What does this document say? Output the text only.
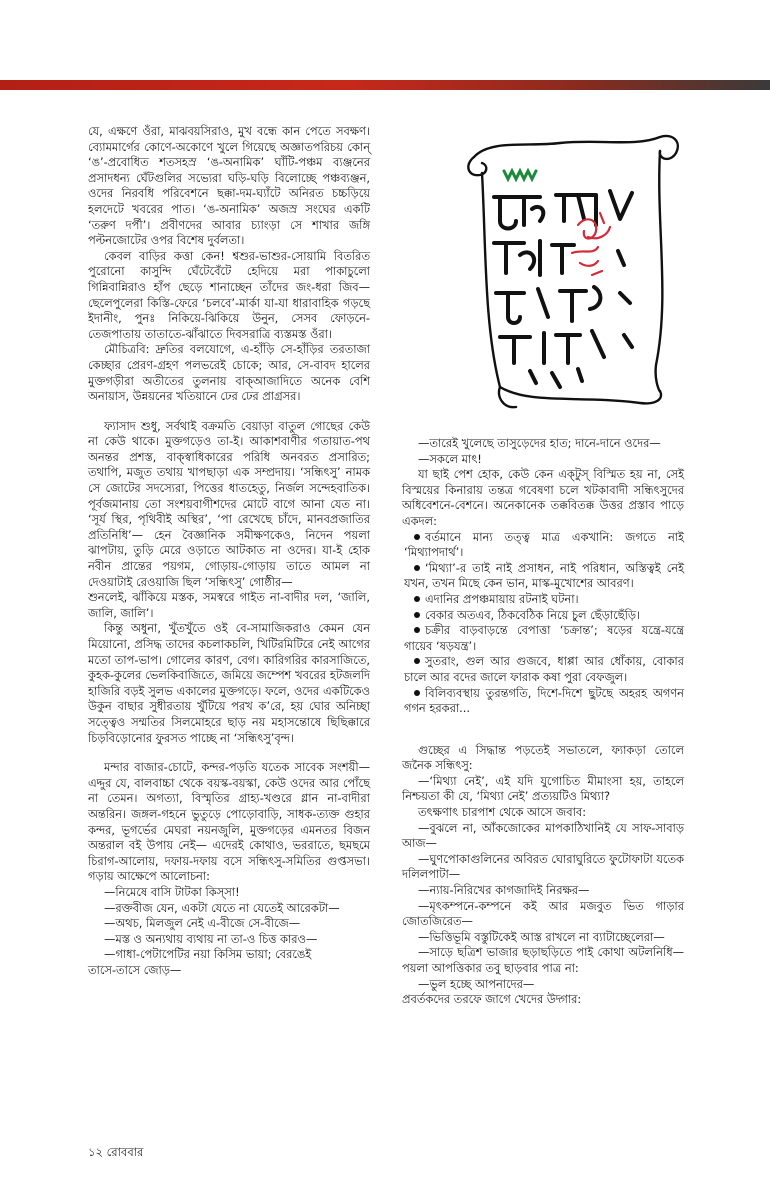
যে, এক্ষণে ওঁরা, মাঝবয়সিরাও, মুখ বন্ধে কান পেতে সবক্ষণ। ব্যোমমার্গের কোণে-অকোণে খুলে গিয়েছে অজ্ঞাতপরিচয় কোন্ ‘ঙ’-প্রবোধিত শতসহস্র ‘ঙ-অনামিক’ ঘাঁটি-পঞ্চম ব্যঞ্জনের প্রসাদধন্য ঘেঁটগুলির সভ্যেরা ঘড়ি-ঘড়ি বিলোচ্ছে পঞ্চব্যঞ্জন, ওদের নিরবধি পরিবেশনে ছক্কা-দম-ঘ্যাঁটে অনিরত চচ্চড়িয়ে হলদেটে খবরের পাত। ‘ঙ-অনামিক’ অজস্র সংঘের একটি ‘তরুণ দর্পী’। প্রবীণদের আবার চ্যাংড়া সে শাখার জঙ্গি পল্টনজোটের ওপর বিশেষ দুর্বলতা।

কেবল বাড়ির কত্তা কেন! শ্বশুর-ভাশুর-সোয়ামি বিতরিত পুরোনো কাসুন্দি ঘেঁটেবেঁটে হেদিয়ে মরা পাকাচুলো গিন্নিবান্নিরাও হাঁপ ছেড়ে শানাচ্ছেন তাঁদের জং-ধরা জিব—ছেলেপুলেরা কিস্তি-ফেরে ‘চলবে’-মার্কা যা-যা ধারাবাহিক গড়ছে ইদানীং, পুনঃ নিকিয়ে-ঝিকিয়ে উনুন, সেসব ফোড়নে-তেজপাতায় তাতাতে-ঝাঁঝাতে দিবসরাত্রি ব্যস্তমস্ত ওঁরা।

মৌচিত্রবি: দ্রুতির বলযোগে, এ-হাঁড়ি সে-হাঁড়ির তরতাজা কেচ্ছার প্রেরণ-গ্রহণ পলভরেই চোকে; আর, সে-বাবদ হালের মুক্তগড়ীরা অতীতের তুলনায় বাক্‌আজাদিতে অনেক বেশি অনায়াস, উন্নয়নের খতিয়ানে ঢের ঢের প্রাগ্রসর।

ফ্যাসাদ শুধু, সর্বথাই বক্রমতি বেয়াড়া বাতুল গোছের কেউ না কেউ থাকে। মুক্তগড়েও তা-ই। আকাশবাণীর গতায়াত-পথ অনন্তর প্রশস্ত, বাক্‌স্বাধিকারের পরিধি অনবরত প্রসারিত; তথাপি, মজুত তথায় খাপছাড়া এক সম্প্রদায়। ‘সন্ধিৎসু’ নামক সে জোটের সদস্যেরা, পিত্তের ধাতহেতু, নির্জল সন্দেহবাতিক। পূর্বজমানায় তো সংশয়বাগীশদের মোটে বাগে আনা যেত না। ‘সূর্য স্থির, পৃথিবীই অস্থির’, ‘পা রেখেছে চাঁদে, মানবপ্রজাতির প্রতিনিধি’— হেন বৈজ্ঞানিক সমীক্ষণকেও, নিদেন পয়লা ঝাপটায়, তুড়ি মেরে ওড়াতে আটকাত না ওদের। যা-ই হোক নবীন প্রান্তের পয়গম, গোড়ায়-গোড়ায় তাতে আমল না দেওয়াটাই রেওয়াজি ছিল ‘সন্ধিৎসু’ গোষ্ঠীর—

শুনলেই, ঝাঁকিয়ে মস্তক, সমস্বরে গাইত না-বাদীর দল, ‘জালি, জালি, জালি’।

কিন্তু অধুনা, খুঁতখুঁতে ওই বে-সামাজিকরাও কেমন যেন মিয়োনো, প্রসিদ্ধ তাদের কচলাকচলি, খিটিরমিটিরে নেই আগের মতো তাপ-ভাপ। গোলের কারণ, বেগ। কারিগরির কারসাজিতে, কুহক-কুলের ভেলকিবাজিতে, জমিয়ে জম্পেশ খবরের হটজলদি হাজিরি বড়ই সুলভ একালের মুক্তগড়ে। ফলে, ওদের একটিকেও উকুন বাছার সুধীরতায় খুঁটিয়ে পরখ ক’রে, হয় ঘোর অনিচ্ছা সত্ত্বেও সম্মতির সিলমোহরে ছাড় নয় মহাসন্তোষে ছিছিক্কারে চিড়বিড়োনোর ফুরসত পাচ্ছে না ‘সন্ধিৎসু’বৃন্দ।

মন্দার বাজার-চোটে, কন্দর-পড়তি যতেক সাবেক সংশয়ী—এদ্দুর যে, বালবাচ্চা থেকে বয়স্ক-বয়স্কা, কেউ ওদের আর পোঁছে না তেমন। অগত্যা, বিস্মৃতির গ্রাহ্য-খণ্ডরে গ্লান না-বাদীরা অন্তরিন। জঙ্গল-গহনে ভুতুড়ে পোড়োবাড়ি, সাধক-ত্যক্ত গুহার কন্দর, ভূগর্ভের মেঘরা নয়নজুলি, মুক্তগড়ের এমনতর বিজন অন্তরাল বই উপায় নেই— এদেরই কোথাও, ভররাতে, ছমছমে চিরাগ-আলোয়, দফায়-দফায় বসে সন্ধিৎসু-সমিতির গুপ্তসভা। গড়ায় আক্ষেপে আলোচনা:

—নিমেষে বাসি টাটকা কিস্‌সা!

—রক্তবীজ যেন, একটা যেতে না যেতেই আরেকটা—

—অথচ, মিলজুল নেই এ-বীজে সে-বীজে—

—মস্ত ও অন্যথায় ব্যথায় না তা-ও চিত্ত কারও—

—গাধা-পেটাপেটির নয়া কিসিম ভায়া; বেরঙেই

তাসে-তাসে জোড়—

—তারেই খুলেছে তাসুড়েদের হাত; দানে-দানে ওদের—

—সকলে মাৎ!

যা ছাই পেশ হোক, কেউ কেন এক্‌টুস্ বিস্মিত হয় না, সেই বিস্ময়ের কিনারায় তন্তত্র গবেষণা চলে খটকাবাদী সন্ধিৎসুদের অধিবেশনে-বেশনে। অনেকানেক তক্কবিতক্ক উত্তর প্রস্তাব পাড়ে একদল:

বর্তমানে মান্য তত্ত্ব মাত্র একখানি: জগতে নাই ‘মিথ্যাপদার্থ’।

‘মিথ্যা’-র তাই নাই প্রসাধন, নাই পরিধান, অস্তিত্বই নেই যখন, তখন মিছে কেন ভান, মাস্ক-মুখোশের আবরণ।

এদানির প্রপঞ্চমায়ায় রটনাই ঘটনা।

বেকার অতএব, ঠিকবেঠিক নিয়ে চুল ছেঁড়াছেঁড়ি।

চক্রীর বাড়বাড়ন্তে বেপাত্তা ‘চক্রান্ত’; ষড়ের যন্ত্রে-যন্ত্রে গায়েব ‘ষড়যন্ত্র’।

সুতরাং, গুল আর গুজবে, ধাপ্পা আর ধোঁকায়, বোকার চালে আর বদের জালে ফারাক কষা পুরা বেফজুল।

বিলিব্যবস্থায় তুরন্তগতি, দিশে-দিশে ছুটছে অহরহ অগণন গগন হরকরা...

গুচ্ছের এ সিদ্ধান্ত পড়তেই সভাতলে, ফ্যাকড়া তোলে জনৈক সন্ধিৎসু:

—‘মিথ্যা নেই’, এই যদি যুগোচিত মীমাংসা হয়, তাহলে নিশ্চয়তা কী যে, ‘মিথ্যা নেই’ প্রত্যয়টিও মিথ্যা?

তৎক্ষণাৎ চারপাশ থেকে আসে জবাব:

—বুঝলে না, আঁকজোকের মাপকাঠিখানিই যে সাফ-সাবাড় আজ—

—ঘুণপোকাগুলিনের অবিরত ঘোরাঘুরিতে ফুটোফাটা যতেক দলিলপাটা—

—ন্যায়-নিরিখের কাগজাদিই নিরক্ষর—

—মৃৎকম্পনে-কম্পনে কই আর মজবুত ভিত গাড়ার জোতজিরেত—

—ভিত্তিভূমি বস্তুটিকেই আস্ত রাখলে না ব্যাটাচ্ছেলেরা—

—সাড়ে ছত্রিশ ভাজার ছড়াছড়িতে পাই কোথা অটলনিধি—পয়লা আপত্তিকার তবু ছাড়বার পাত্র না:

—ভুল হচ্ছে আপনাদের—

প্রবর্তকদের তরফে জাগে খেদের উদ্গার:

১২ রোববার
